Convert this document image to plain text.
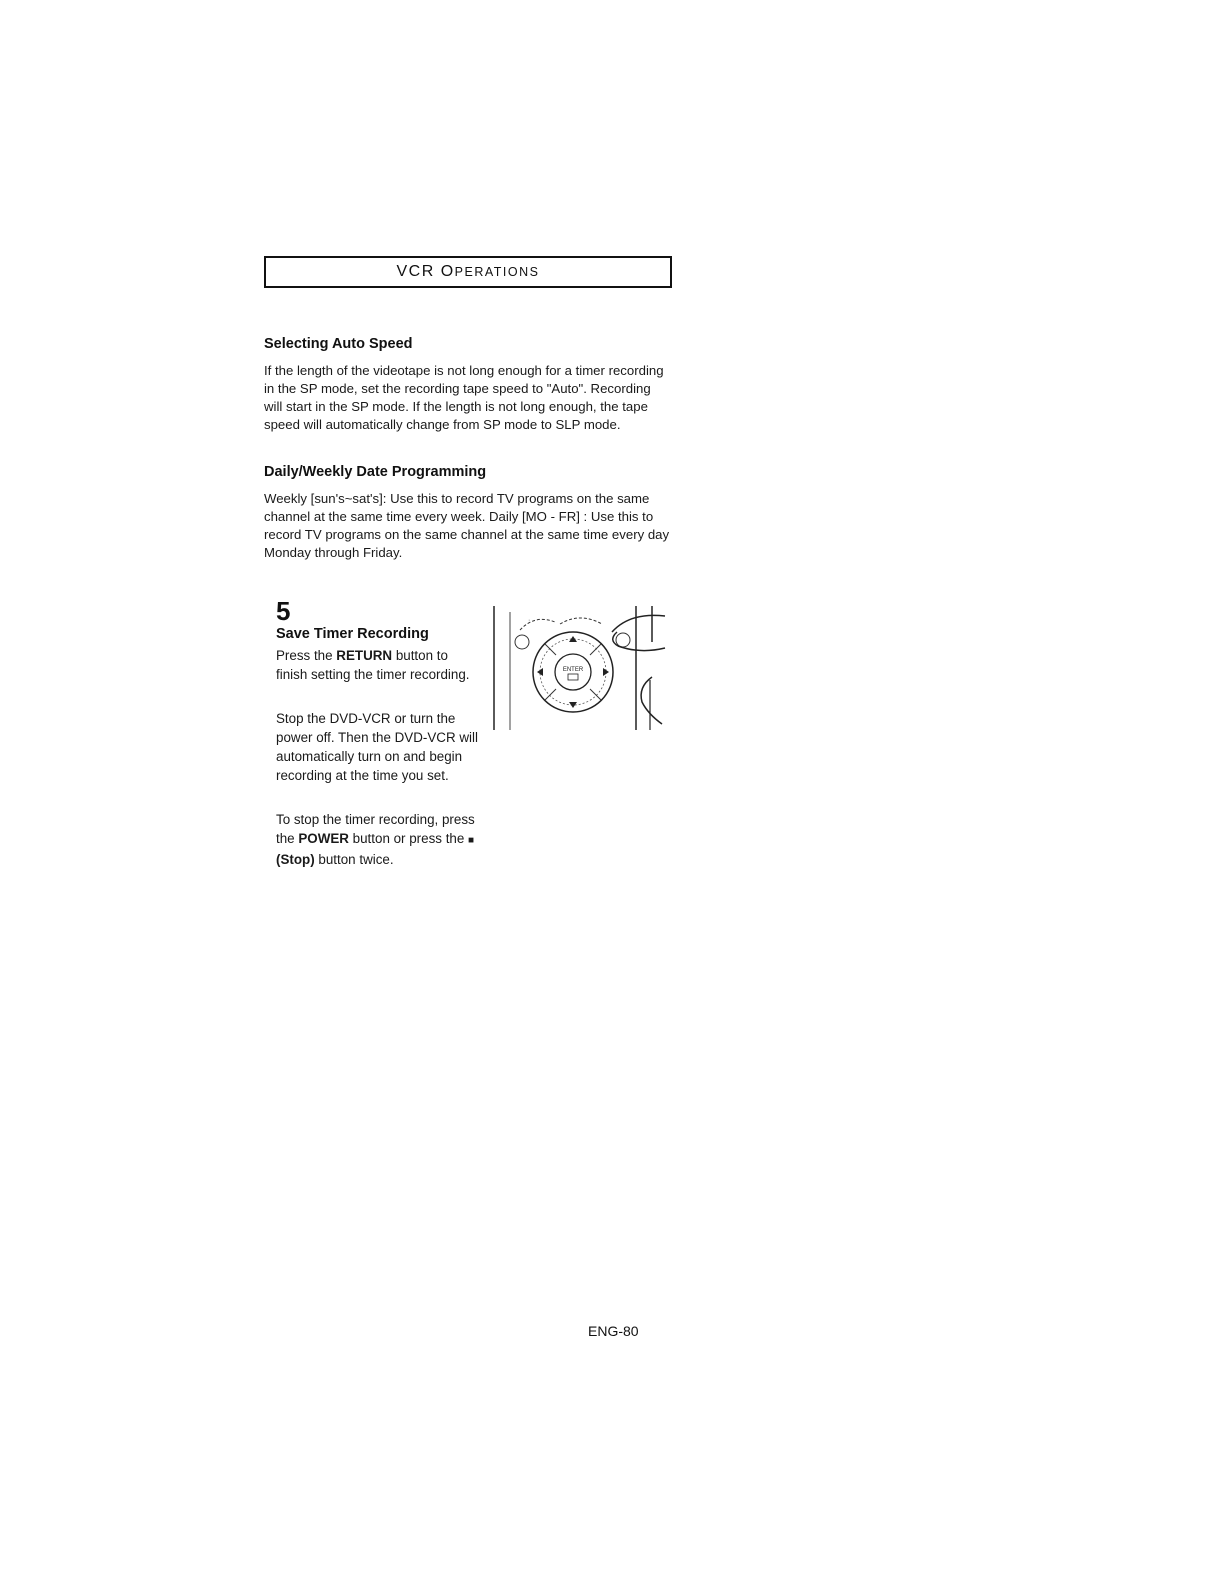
VCR OPERATIONS
Selecting Auto Speed
If the length of the videotape is not long enough for a timer recording in the SP mode, set the recording tape speed to "Auto". Recording will start in the SP mode. If the length is not long enough, the tape speed will automatically change from SP mode to SLP mode.
Daily/Weekly Date Programming
Weekly [sun's~sat's]: Use this to record TV programs on the same channel at the same time every week. Daily [MO - FR] : Use this to record TV programs on the same channel at the same time every day Monday through Friday.
5
Save Timer Recording
Press the RETURN button to finish setting the timer recording.
Stop the DVD-VCR or turn the power off. Then the DVD-VCR will automatically turn on and begin recording at the time you set.
To stop the timer recording, press the POWER button or press the ■ (Stop) button twice.
·
ENTER
ENG-80
